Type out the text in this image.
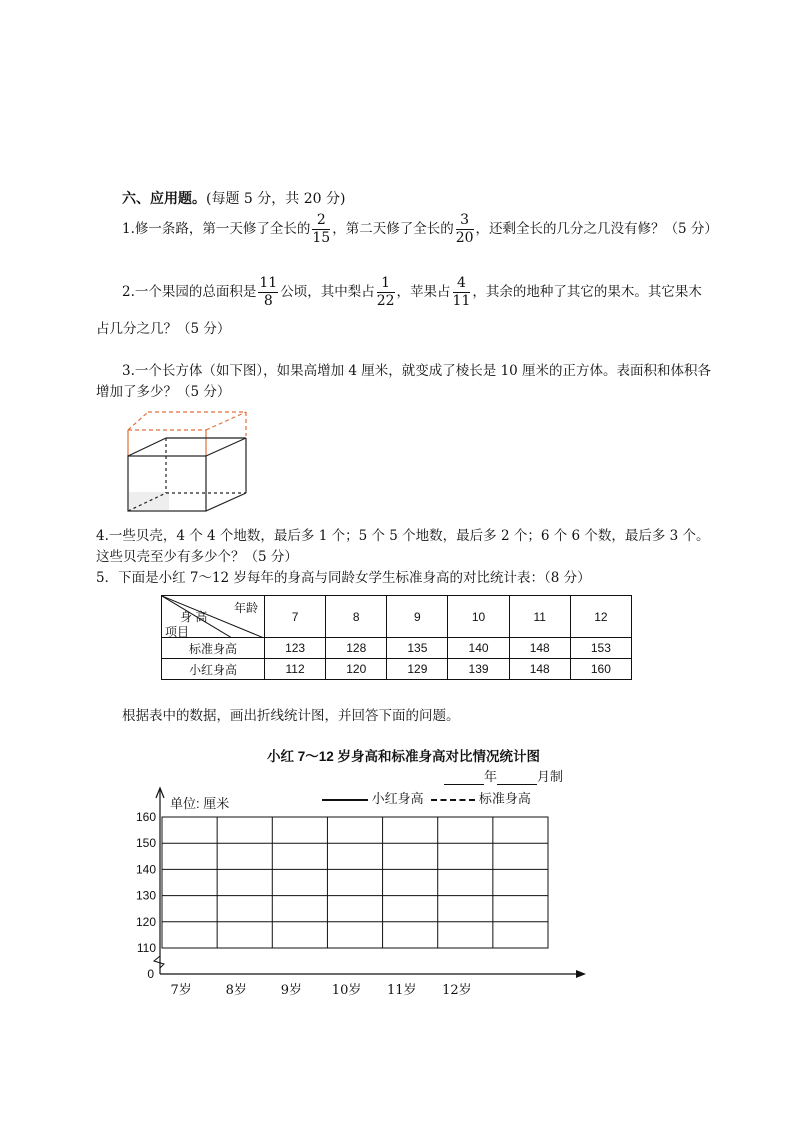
六、应用题。(每题 5 分，共 20 分)
1.修一条路，第一天修了全长的 $\frac{2}{15}$ ，第二天修了全长的 $\frac{3}{20}$ ，还剩全长的几分之几没有修？（5 分）
2.一个果园的总面积是 $\frac{11}{8}$ 公顷，其中梨占 $\frac{1}{22}$ ，苹果占 $\frac{4}{11}$ ，其余的地种了其它的果木。其它果木
占几分之几？（5 分）
3.一个长方体（如下图），如果高增加 4 厘米，就变成了棱长是 10 厘米的正方体。表面积和体积各
增加了多少？（5 分）
4.一些贝壳，4 个 4 个地数，最后多 1 个；5 个 5 个地数，最后多 2 个；6 个 6 个数，最后多 3 个。
这些贝壳至少有多少个？（5 分）
5．下面是小红 7～12 岁每年的身高与同龄女学生标准身高的对比统计表：（8 分）
年龄
身 高
项目	7	8	9	10	11	12
标准身高	123	128	135	140	148	153
小红身高	112	120	129	139	148	160
根据表中的数据，画出折线统计图，并回答下面的问题。
小红 7～12 岁身高和标准身高对比情况统计图
年	月制
小红身高	标准身高
单位: 厘米
160
150
140
130
120
110
0
7岁	8岁	9岁 10岁 11岁 12岁
